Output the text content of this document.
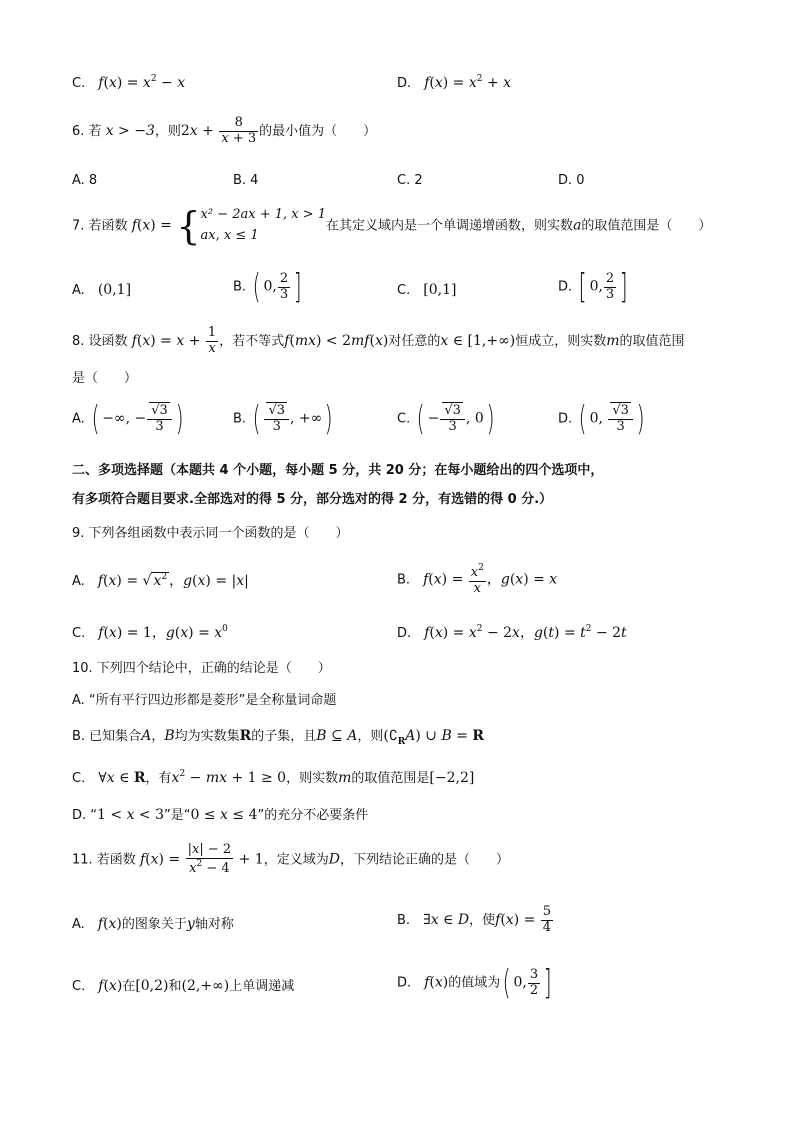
C.   $f(x) = x^2 - x$	D.   $f(x) = x^2 + x$
6. 若 x > −3，则$2x + \frac{8}{x + 3}$ 的最小值为（　　）
A. 8	B. 4	C. 2	D. 0
7. 若函数 f(x) = { x² − 2ax + 1, x > 1
ax, x ≤ 1
在其定义域内是一个单调递增函数，则实数a的取值范围是（　　）
A.   (0,1]	B. ( 0, $\frac{2}{3}$ ]	C.   [0,1]	D. [ 0, $\frac{2}{3}$ ]
8. 设函数 $f(x) = x + \frac{1}{x}$ ，若不等式f(mx) < 2mf(x)对任意的x ∈ [1,+∞)恒成立，则实数m的取值范围
是（　　）
A. ( −∞, − $\frac{√3}{3}$ )	B. ( $\frac{√3}{3}$ , +∞)	C. ( − $\frac{√3}{3}$ , 0)	D. ( 0, $\frac{√3}{3}$ )
二、多项选择题（本题共 4 个小题，每小题 5 分，共 20 分；在每小题给出的四个选项中，
有多项符合题目要求.全部选对的得 5 分，部分选对的得 2 分，有选错的得 0 分.）
9. 下列各组函数中表示同一个函数的是（　　）
A.   f(x) = √ $x^2$ ，g(x) = |x|	B.   $f(x) = \frac{x^2}{x}$ ，g(x) = x
C.   f(x) = 1，$g(x) = x^0$	D.   $f(x) = x^2 - 2x$，$g(t) = t^2 - 2t$
10. 下列四个结论中，正确的结论是（　　）
A. “所有平行四边形都是菱形”是全称量词命题
B. 已知集合A，B均为实数集R的子集，且B ⊆ A，则$(∁_RA)$ ∪ B = R
C.   ∀x ∈ R，有$x^2$ − mx + 1 ≥ 0，则实数m的取值范围是[−2,2]
D. “1 < x < 3”是“0 ≤ x ≤ 4”的充分不必要条件
11. 若函数 $f(x) = \frac{|x| - 2}{x^2 - 4} + 1$，定义域为D，下列结论正确的是（　　）
A.   f(x)的图象关于y轴对称	B.   ∃x ∈ D，使$f(x) = \frac{5}{4}$
C.   f(x)在[0,2)和(2,+∞)上单调递减	D.   f(x)的值域为( 0, $\frac{3}{2}$ ]
